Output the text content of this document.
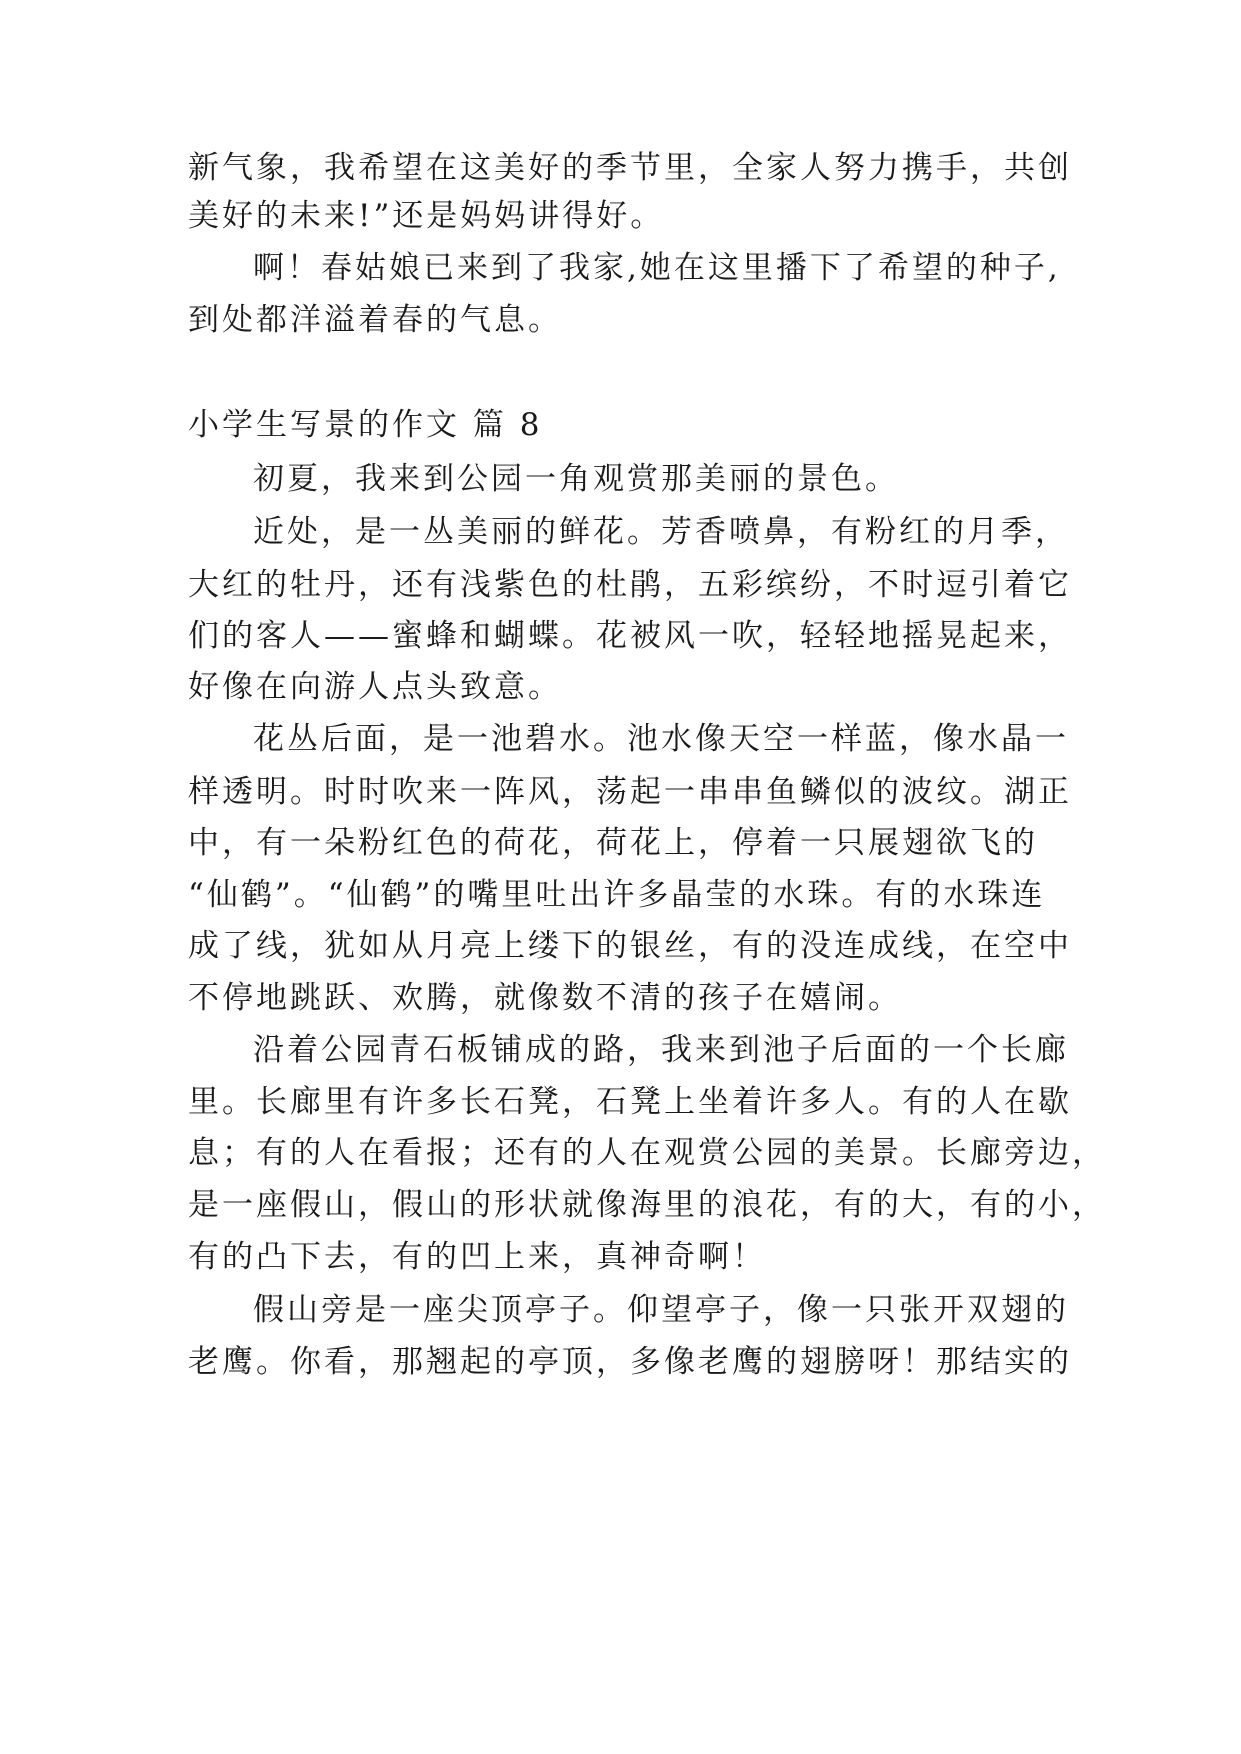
新气象，我希望在这美好的季节里，全家人努力携手，共创
美好的未来!”还是妈妈讲得好。
啊！春姑娘已来到了我家,她在这里播下了希望的种子,
到处都洋溢着春的气息。
小学生写景的作文 篇 8
初夏，我来到公园一角观赏那美丽的景色。
近处，是一丛美丽的鲜花。芳香喷鼻，有粉红的月季，
大红的牡丹，还有浅紫色的杜鹃，五彩缤纷，不时逗引着它
们的客人——蜜蜂和蝴蝶。花被风一吹，轻轻地摇晃起来，
好像在向游人点头致意。
花丛后面，是一池碧水。池水像天空一样蓝，像水晶一
样透明。时时吹来一阵风，荡起一串串鱼鳞似的波纹。湖正
中，有一朵粉红色的荷花，荷花上，停着一只展翅欲飞的
“仙鹤”。“仙鹤”的嘴里吐出许多晶莹的水珠。有的水珠连
成了线，犹如从月亮上缕下的银丝，有的没连成线，在空中
不停地跳跃、欢腾，就像数不清的孩子在嬉闹。
沿着公园青石板铺成的路，我来到池子后面的一个长廊
里。长廊里有许多长石凳，石凳上坐着许多人。有的人在歇
息；有的人在看报；还有的人在观赏公园的美景。长廊旁边，
是一座假山，假山的形状就像海里的浪花，有的大，有的小，
有的凸下去，有的凹上来，真神奇啊！
假山旁是一座尖顶亭子。仰望亭子，像一只张开双翅的
老鹰。你看，那翘起的亭顶，多像老鹰的翅膀呀！那结实的
